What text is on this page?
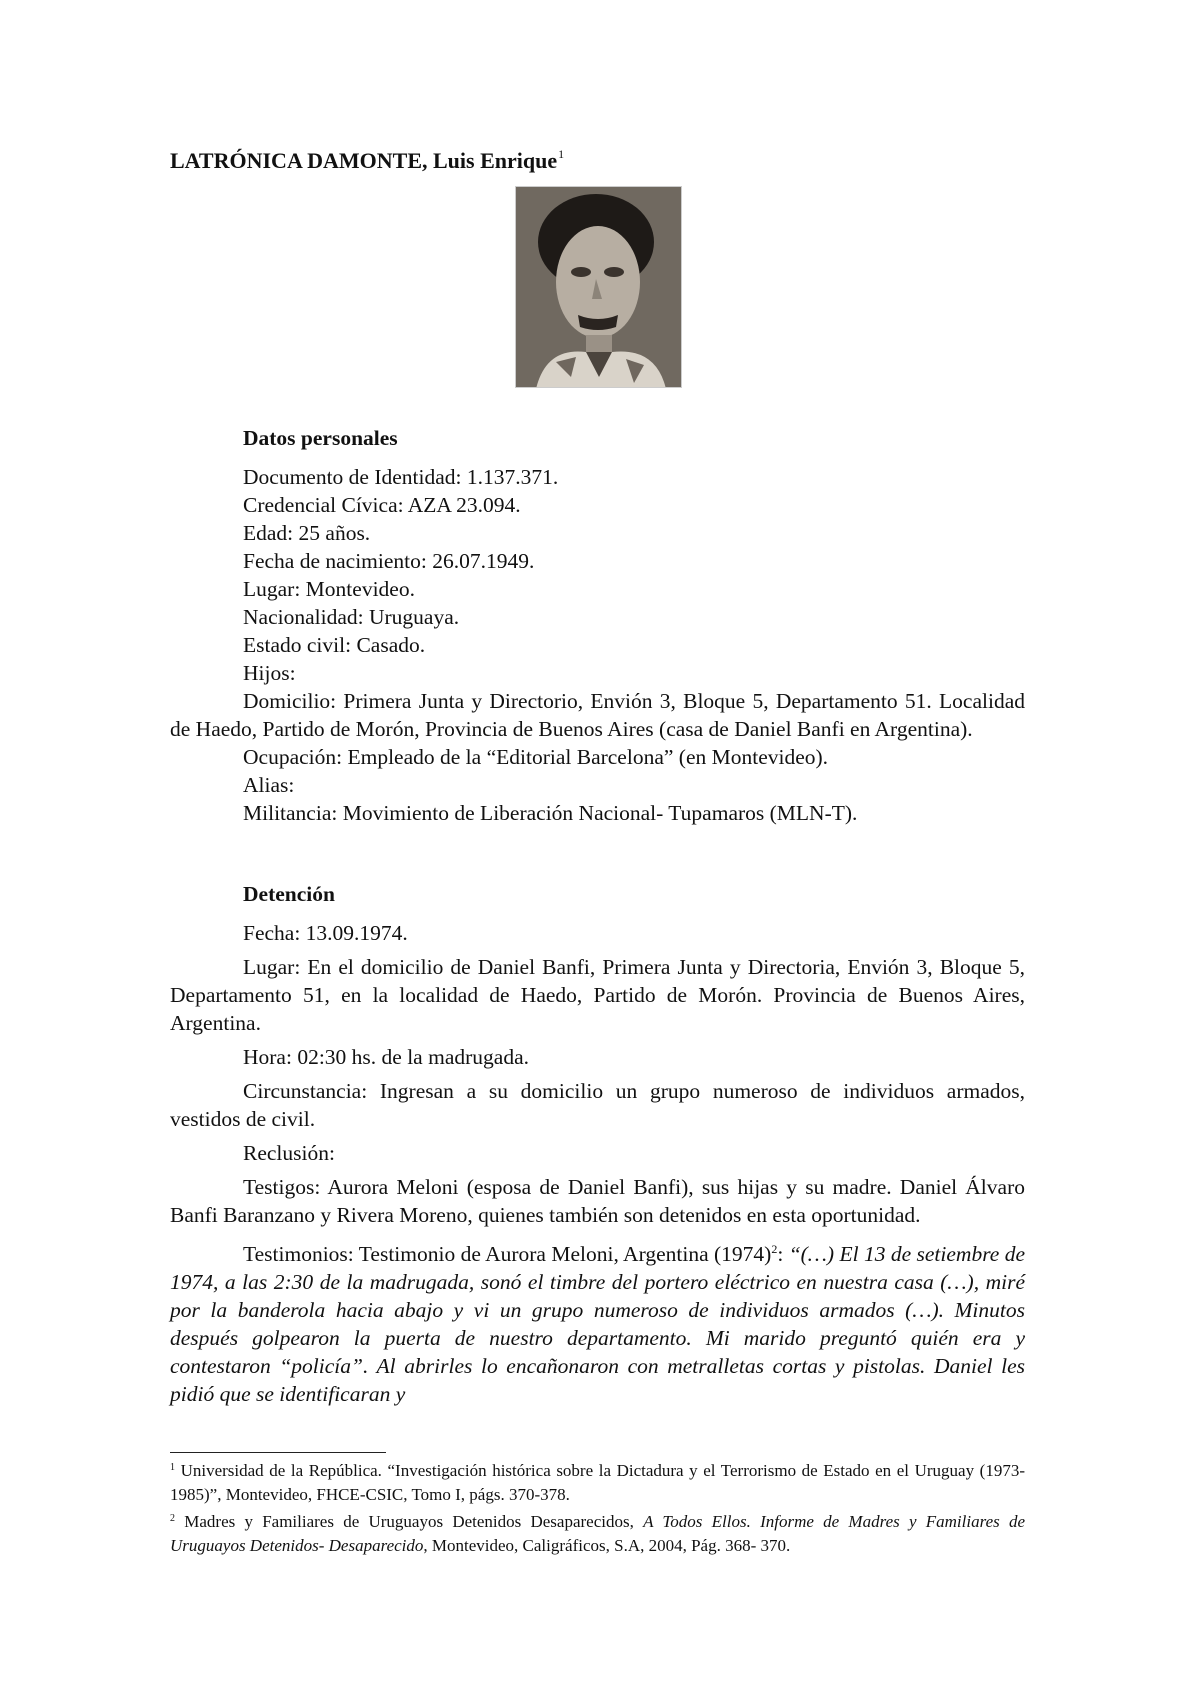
LATRÓNICA DAMONTE, Luis Enrique$^1$

Datos personales

Documento de Identidad: 1.137.371.

Credencial Cívica: AZA 23.094.

Edad: 25 años.

Fecha de nacimiento: 26.07.1949.

Lugar: Montevideo.

Nacionalidad: Uruguaya.

Estado civil: Casado.

Hijos:

Domicilio: Primera Junta y Directorio, Envión 3, Bloque 5, Departamento 51. Localidad de Haedo, Partido de Morón, Provincia de Buenos Aires (casa de Daniel Banfi en Argentina).

Ocupación: Empleado de la “Editorial Barcelona” (en Montevideo).

Alias:

Militancia: Movimiento de Liberación Nacional- Tupamaros (MLN-T).

Detención

Fecha: 13.09.1974.

Lugar: En el domicilio de Daniel Banfi, Primera Junta y Directoria, Envión 3, Bloque 5, Departamento 51, en la localidad de Haedo, Partido de Morón. Provincia de Buenos Aires, Argentina.

Hora: 02:30 hs. de la madrugada.

Circunstancia: Ingresan a su domicilio un grupo numeroso de individuos armados, vestidos de civil.

Reclusión:

Testigos: Aurora Meloni (esposa de Daniel Banfi), sus hijas y su madre. Daniel Álvaro Banfi Baranzano y Rivera Moreno, quienes también son detenidos en esta oportunidad.

Testimonios: Testimonio de Aurora Meloni, Argentina $(1974)^2$: “(…) El 13 de setiembre de 1974, a las 2:30 de la madrugada, sonó el timbre del portero eléctrico en nuestra casa (…), miré por la banderola hacia abajo y vi un grupo numeroso de individuos armados (…). Minutos después golpearon la puerta de nuestro departamento. Mi marido preguntó quién era y contestaron “policía”. Al abrirles lo encañonaron con metralletas cortas y pistolas. Daniel les pidió que se identificaran y

$^1$ Universidad de la República. “Investigación histórica sobre la Dictadura y el Terrorismo de Estado en el Uruguay (1973-1985)”, Montevideo, FHCE-CSIC, Tomo I, págs. 370-378.

$^2$ Madres y Familiares de Uruguayos Detenidos Desaparecidos, A Todos Ellos. Informe de Madres y Familiares de Uruguayos Detenidos- Desaparecido, Montevideo, Caligráficos, S.A, 2004, Pág. 368- 370.
